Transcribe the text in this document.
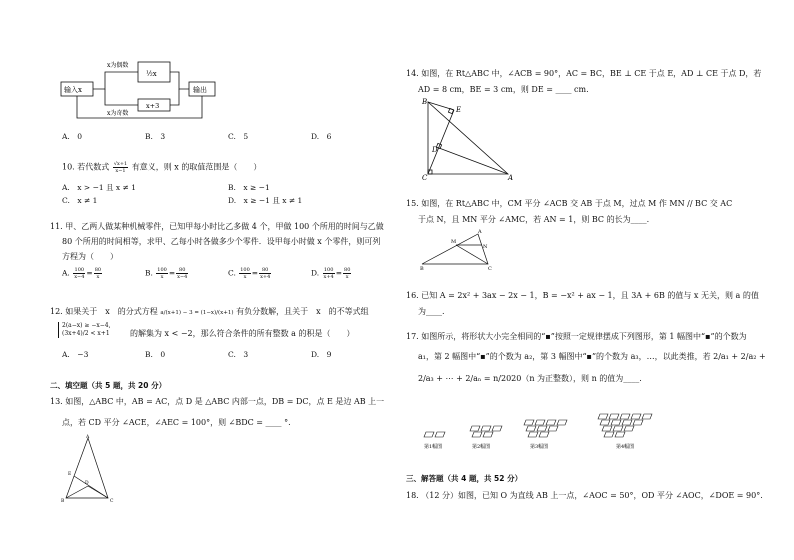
输入x	输出
x为偶数
x为奇数
½x
x+3
A.　0	B.　3	C.　5	D.　6
10. 若代数式 $\frac{√x+1}{x-1}$ 有意义，则 x 的取值范围是（　　）
A.　x > −1 且 x ≠ 1	B.　x ≥ −1
C.　x ≠ 1	D.　x ≥ −1 且 x ≠ 1
11. 甲、乙两人做某种机械零件，已知甲每小时比乙多做 4 个，甲做 100 个所用的时间与乙做
80 个所用的时间相等，求甲、乙每小时各做多少个零件．设甲每小时做 x 个零件，则可列
方程为（　　）
A. $\frac{100}{x-4} = \frac{80}{x}$	B. $\frac{100}{x} = \frac{80}{x-4}$	C. $\frac{100}{x} = \frac{80}{x+4}$	D. $\frac{100}{x+4} = \frac{80}{x}$
12. 如果关于　x　的分式方程 a/(x+1) − 3 = (1−x)/(x+1) 有负分数解，且关于　x　的不等式组
2(a−x) ≥ −x−4,
(3x+4)/2 < x+1	的解集为 x < −2，那么符合条件的所有整数 a 的积是（　　）
A.　−3	B.　0	C.　3	D.　9
二、填空题（共 5 题，共 20 分）
13. 如图，△ABC 中，AB = AC，点 D 是 △ABC 内部一点，DB = DC，点 E 是边 AB 上一
点，若 CD 平分 ∠ACE，∠AEC = 100°，则 ∠BDC = ____ °.
A
B	C
D
E
14. 如图，在 Rt△ABC 中，∠ACB = 90°，AC = BC，BE ⊥ CE 于点 E，AD ⊥ CE 于点 D，若
AD = 8 cm，BE = 3 cm，则 DE = ____ cm.
B
C	A
E
D
15. 如图，在 Rt△ABC 中，CM 平分 ∠ACB 交 AB 于点 M，过点 M 作 MN // BC 交 AC
于点 N，且 MN 平分 ∠AMC，若 AN = 1，则 BC 的长为____.
B	C
A
M
N
16. 已知 A = 2x² + 3ax − 2x − 1，B = −x² + ax − 1，且 3A + 6B 的值与 x 无关，则 a 的值
为____.
17. 如图所示，将形状大小完全相同的“▪”按照一定规律摆成下列图形，第 1 幅图中“▪”的个数为
a₁，第 2 幅图中“▪”的个数为 a₂，第 3 幅图中“▪”的个数为 a₃，…，以此类推，若 2/a₁ + 2/a₂ +
2/a₃ + ⋯ + 2/aₙ = n/2020（n 为正整数），则 n 的值为____.
第1幅图	第2幅图	第3幅图	第4幅图
三、解答题（共 4 题，共 52 分）
18. （12 分）如图，已知 O 为直线 AB 上一点，∠AOC = 50°，OD 平分 ∠AOC，∠DOE = 90°.
